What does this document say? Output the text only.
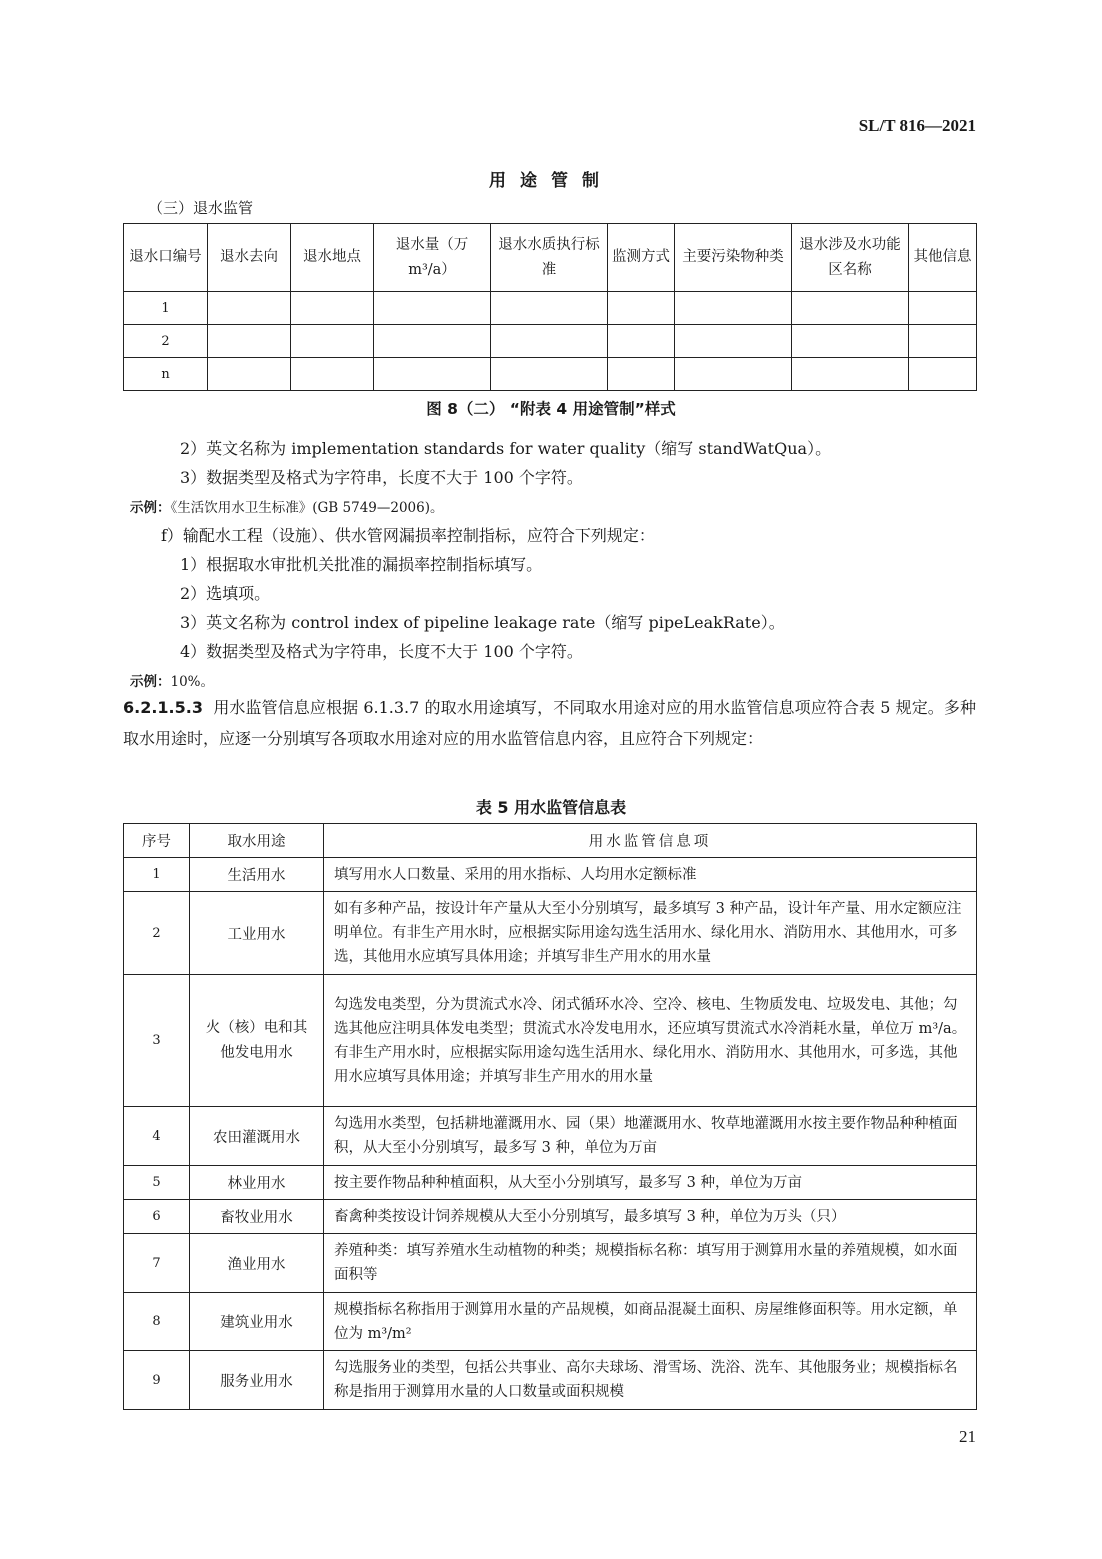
SL/T 816—2021
用途管制
（三）退水监管
退水口编号	退水去向	退水地点	退水量（万 m³/a）	退水水质执行标准	监测方式	主要污染物种类	退水涉及水功能区名称	其他信息
1								
2								
n								
图 8（二） “附表 4 用途管制”样式
2）英文名称为 implementation standards for water quality（缩写 standWatQua）。
3）数据类型及格式为字符串，长度不大于 100 个字符。
示例：《生活饮用水卫生标准》(GB 5749—2006)。
f）输配水工程（设施）、供水管网漏损率控制指标，应符合下列规定：
1）根据取水审批机关批准的漏损率控制指标填写。
2）选填项。
3）英文名称为 control index of pipeline leakage rate（缩写 pipeLeakRate）。
4）数据类型及格式为字符串，长度不大于 100 个字符。
示例：10%。
6.2.1.5.3 用水监管信息应根据 6.1.3.7 的取水用途填写，不同取水用途对应的用水监管信息项应符合表 5 规定。多种取水用途时，应逐一分别填写各项取水用途对应的用水监管信息内容，且应符合下列规定：
表 5 用水监管信息表
序号	取水用途	用水监管信息项
1	生活用水	填写用水人口数量、采用的用水指标、人均用水定额标准
2	工业用水	如有多种产品，按设计年产量从大至小分别填写，最多填写 3 种产品，设计年产量、用水定额应注明单位。有非生产用水时，应根据实际用途勾选生活用水、绿化用水、消防用水、其他用水，可多选，其他用水应填写具体用途；并填写非生产用水的用水量
3	火（核）电和其他发电用水	勾选发电类型，分为贯流式水冷、闭式循环水冷、空冷、核电、生物质发电、垃圾发电、其他；勾选其他应注明具体发电类型；贯流式水冷发电用水，还应填写贯流式水冷消耗水量，单位万 m³/a。有非生产用水时，应根据实际用途勾选生活用水、绿化用水、消防用水、其他用水，可多选，其他用水应填写具体用途；并填写非生产用水的用水量
4	农田灌溉用水	勾选用水类型，包括耕地灌溉用水、园（果）地灌溉用水、牧草地灌溉用水按主要作物品种种植面积，从大至小分别填写，最多写 3 种，单位为万亩
5	林业用水	按主要作物品种种植面积，从大至小分别填写，最多写 3 种，单位为万亩
6	畜牧业用水	畜禽种类按设计饲养规模从大至小分别填写，最多填写 3 种，单位为万头（只）
7	渔业用水	养殖种类：填写养殖水生动植物的种类；规模指标名称：填写用于测算用水量的养殖规模，如水面面积等
8	建筑业用水	规模指标名称指用于测算用水量的产品规模，如商品混凝土面积、房屋维修面积等。用水定额，单位为 m³/m²
9	服务业用水	勾选服务业的类型，包括公共事业、高尔夫球场、滑雪场、洗浴、洗车、其他服务业；规模指标名称是指用于测算用水量的人口数量或面积规模
21
